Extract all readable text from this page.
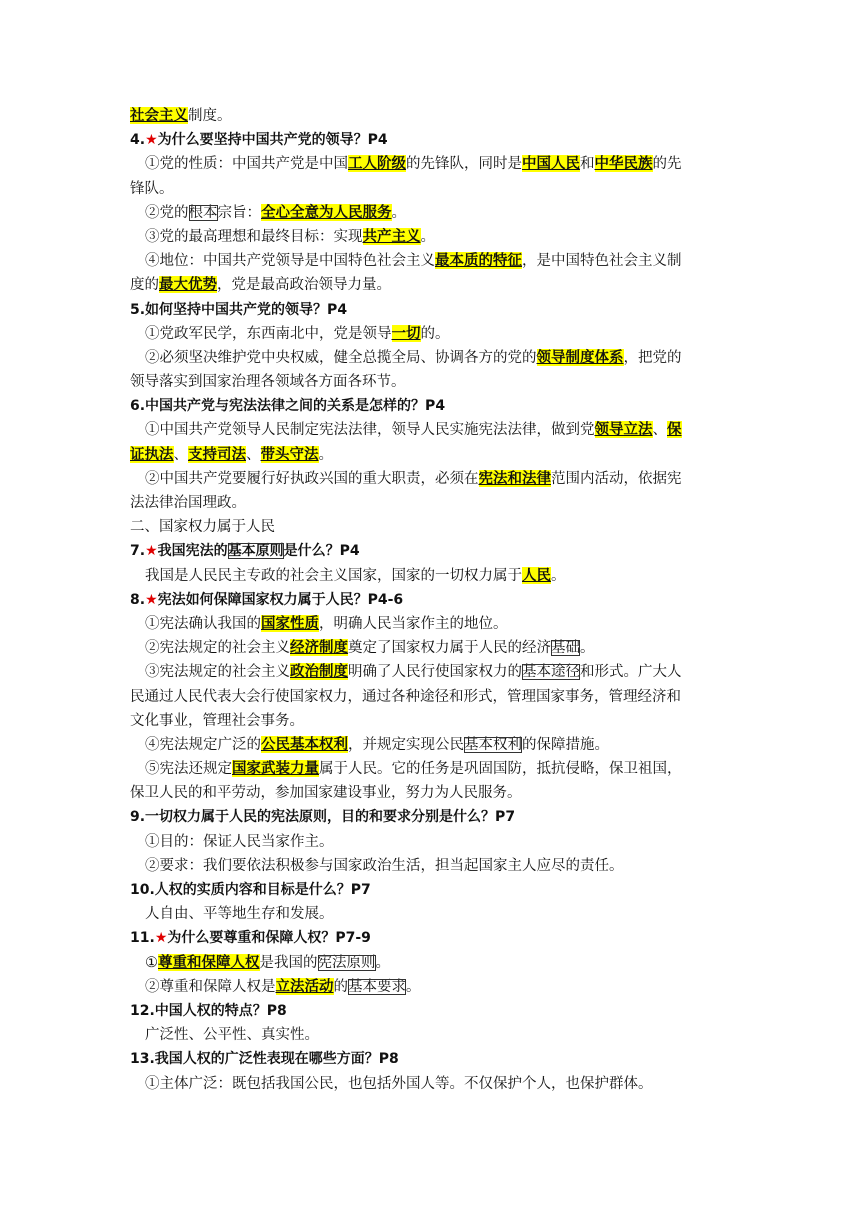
社会主义制度。
4.★为什么要坚持中国共产党的领导？P4
①党的性质：中国共产党是中国工人阶级的先锋队，同时是中国人民和中华民族的先
锋队。
②党的根本宗旨：全心全意为人民服务。
③党的最高理想和最终目标：实现共产主义。
④地位：中国共产党领导是中国特色社会主义最本质的特征，是中国特色社会主义制
度的最大优势，党是最高政治领导力量。
5.如何坚持中国共产党的领导？P4
①党政军民学，东西南北中，党是领导一切的。
②必须坚决维护党中央权威，健全总揽全局、协调各方的党的领导制度体系，把党的
领导落实到国家治理各领域各方面各环节。
6.中国共产党与宪法法律之间的关系是怎样的？P4
①中国共产党领导人民制定宪法法律，领导人民实施宪法法律，做到党领导立法、保
证执法、支持司法、带头守法。
②中国共产党要履行好执政兴国的重大职责，必须在宪法和法律范围内活动，依据宪
法法律治国理政。
二、国家权力属于人民
7.★我国宪法的基本原则是什么？P4
我国是人民民主专政的社会主义国家，国家的一切权力属于人民。
8.★宪法如何保障国家权力属于人民？P4-6
①宪法确认我国的国家性质，明确人民当家作主的地位。
②宪法规定的社会主义经济制度奠定了国家权力属于人民的经济基础。
③宪法规定的社会主义政治制度明确了人民行使国家权力的基本途径和形式。广大人
民通过人民代表大会行使国家权力，通过各种途径和形式，管理国家事务，管理经济和
文化事业，管理社会事务。
④宪法规定广泛的公民基本权利，并规定实现公民基本权利的保障措施。
⑤宪法还规定国家武装力量属于人民。它的任务是巩固国防，抵抗侵略，保卫祖国，
保卫人民的和平劳动，参加国家建设事业，努力为人民服务。
9.一切权力属于人民的宪法原则，目的和要求分别是什么？P7
①目的：保证人民当家作主。
②要求：我们要依法积极参与国家政治生活，担当起国家主人应尽的责任。
10.人权的实质内容和目标是什么？P7
人自由、平等地生存和发展。
11.★为什么要尊重和保障人权？P7-9
①尊重和保障人权是我国的宪法原则。
②尊重和保障人权是立法活动的基本要求。
12.中国人权的特点？P8
广泛性、公平性、真实性。
13.我国人权的广泛性表现在哪些方面？P8
①主体广泛：既包括我国公民，也包括外国人等。不仅保护个人，也保护群体。
